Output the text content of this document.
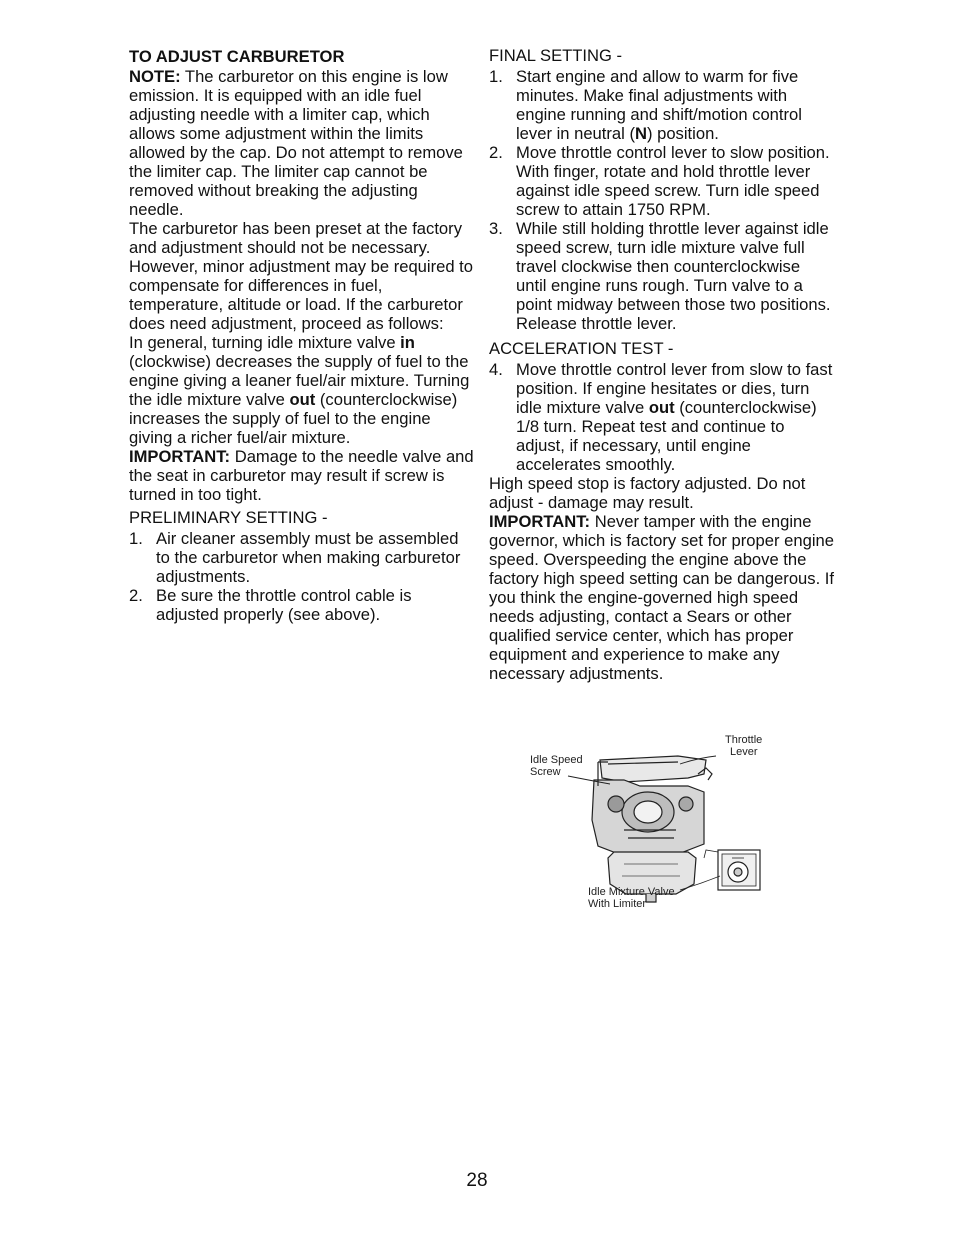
TO ADJUST CARBURETOR

NOTE: The carburetor on this engine is low emission. It is equipped with an idle fuel adjusting needle with a limiter cap, which allows some adjustment within the limits allowed by the cap. Do not attempt to remove the limiter cap. The limiter cap cannot be removed without breaking the adjusting needle.

The carburetor has been preset at the factory and adjustment should not be necessary. However, minor adjustment may be required to compensate for differences in fuel, temperature, altitude or load. If the carburetor does need adjustment, proceed as follows:

In general, turning idle mixture valve in (clockwise) decreases the supply of fuel to the engine giving a leaner fuel/air mixture. Turning the idle mixture valve out (counterclockwise) increases the supply of fuel to the engine giving a richer fuel/air mixture.

IMPORTANT: Damage to the needle valve and the seat in carburetor may result if screw is turned in too tight.

PRELIMINARY SETTING -

1. Air cleaner assembly must be assembled to the carburetor when making carburetor adjustments.
2. Be sure the throttle control cable is adjusted properly (see above).

FINAL SETTING -

1. Start engine and allow to warm for five minutes. Make final adjustments with engine running and shift/motion control lever in neutral (N) position.
2. Move throttle control lever to slow position. With finger, rotate and hold throttle lever against idle speed screw. Turn idle speed screw to attain 1750 RPM.
3. While still holding throttle lever against idle speed screw, turn idle mixture valve full travel clockwise then counterclockwise until engine runs rough. Turn valve to a point midway between those two positions. Release throttle lever.

ACCELERATION TEST -

4. Move throttle control lever from slow to fast position. If engine hesitates or dies, turn idle mixture valve out (counterclockwise) 1/8 turn. Repeat test and continue to adjust, if necessary, until engine accelerates smoothly.

High speed stop is factory adjusted. Do not adjust - damage may result.

IMPORTANT: Never tamper with the engine governor, which is factory set for proper engine speed. Overspeeding the engine above the factory high speed setting can be dangerous. If you think the engine-governed high speed needs adjusting, contact a Sears or other qualified service center, which has proper equipment and experience to make any necessary adjustments.

Throttle
Lever
Idle Speed
Screw
Idle Mixture Valve
With Limiter
28
